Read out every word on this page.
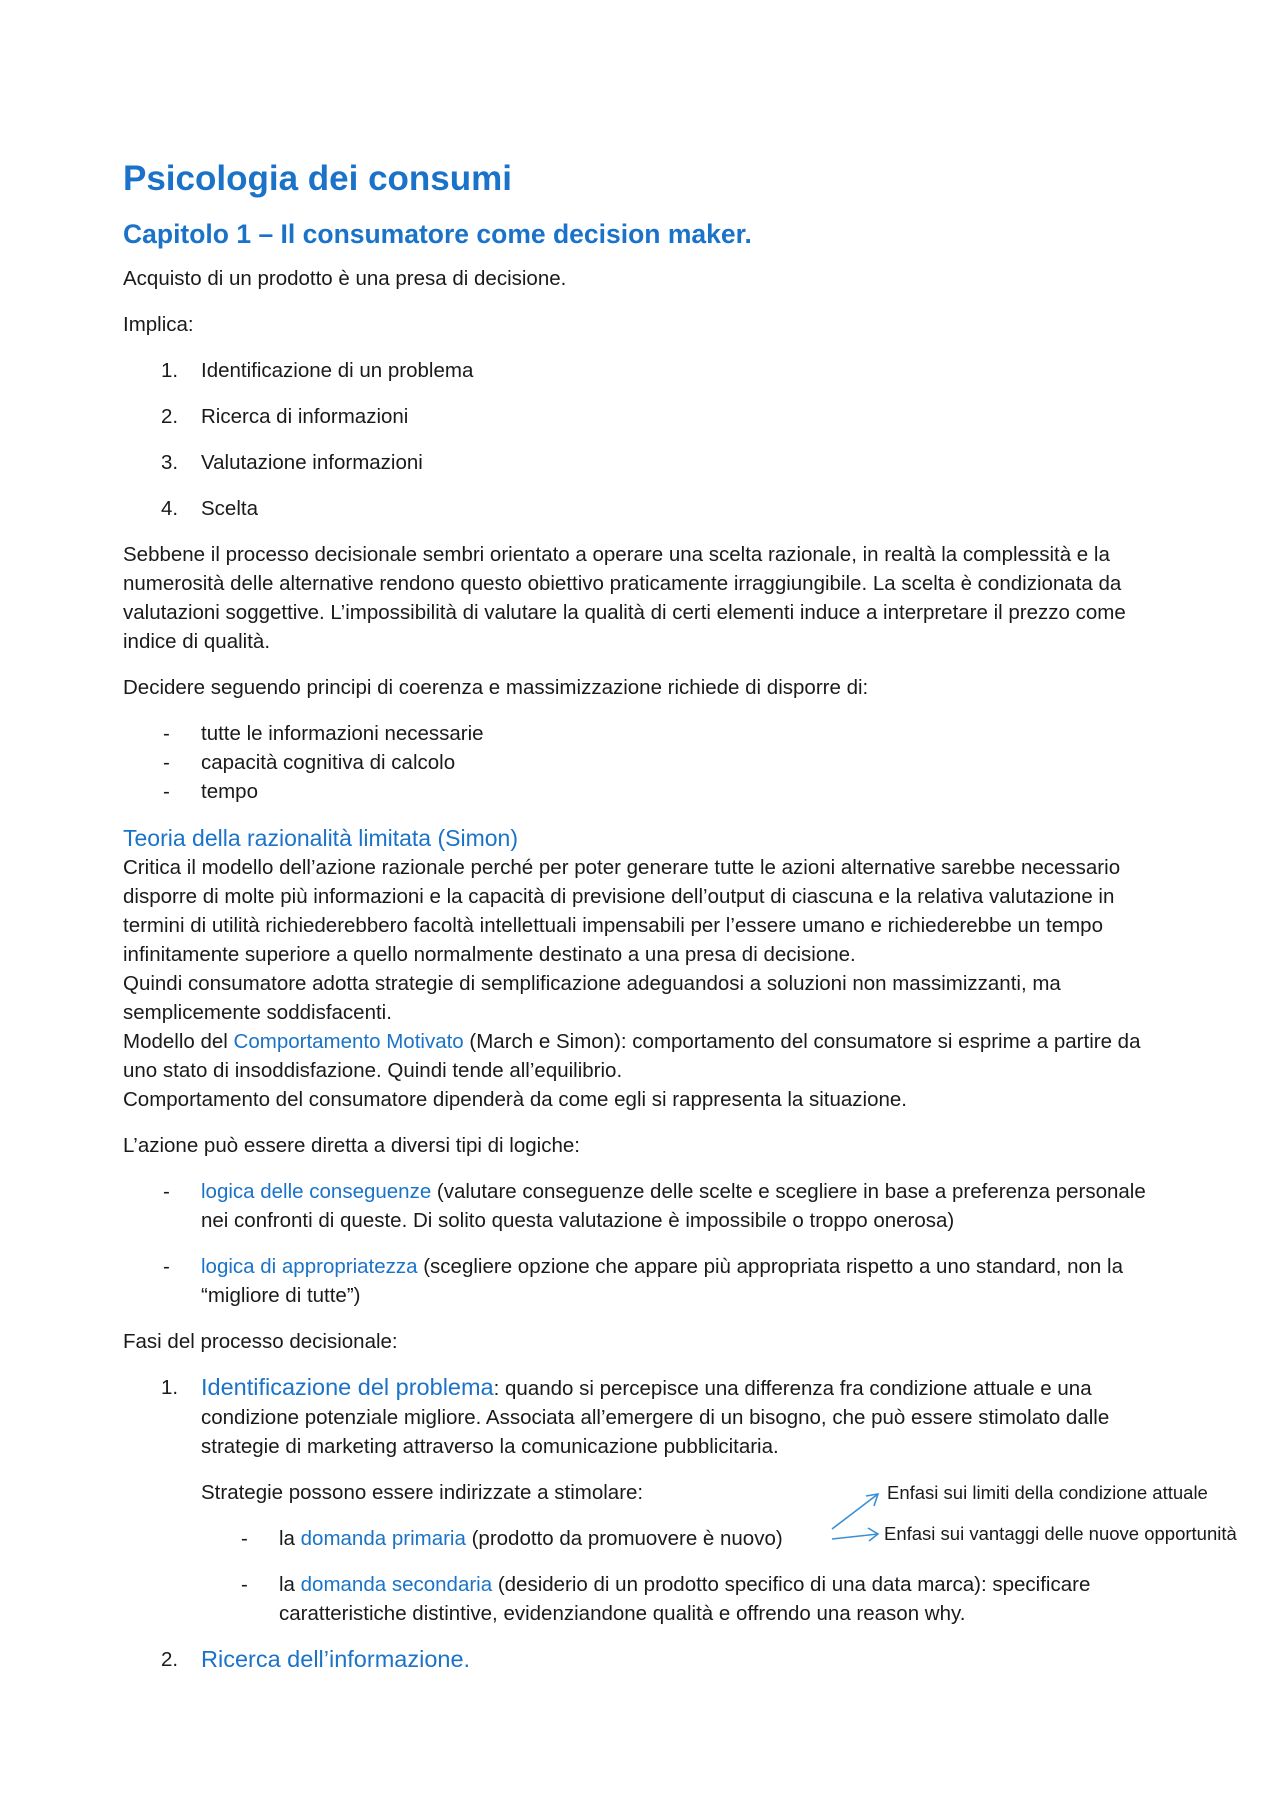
Psicologia dei consumi
Capitolo 1 – Il consumatore come decision maker.

Acquisto di un prodotto è una presa di decisione.

Implica:

1. Identificazione di un problema
2. Ricerca di informazioni
3. Valutazione informazioni
4. Scelta

Sebbene il processo decisionale sembri orientato a operare una scelta razionale, in realtà la complessità e la numerosità delle alternative rendono questo obiettivo praticamente irraggiungibile. La scelta è condizionata da valutazioni soggettive. L’impossibilità di valutare la qualità di certi elementi induce a interpretare il prezzo come indice di qualità.

Decidere seguendo principi di coerenza e massimizzazione richiede di disporre di:

- tutte le informazioni necessarie
- capacità cognitiva di calcolo
- tempo
Teoria della razionalità limitata (Simon)

Critica il modello dell’azione razionale perché per poter generare tutte le azioni alternative sarebbe necessario disporre di molte più informazioni e la capacità di previsione dell’output di ciascuna e la relativa valutazione in termini di utilità richiederebbero facoltà intellettuali impensabili per l’essere umano e richiederebbe un tempo infinitamente superiore a quello normalmente destinato a una presa di decisione.

Quindi consumatore adotta strategie di semplificazione adeguandosi a soluzioni non massimizzanti, ma semplicemente soddisfacenti.

Modello del Comportamento Motivato (March e Simon): comportamento del consumatore si esprime a partire da uno stato di insoddisfazione. Quindi tende all’equilibrio.

Comportamento del consumatore dipenderà da come egli si rappresenta la situazione.

L’azione può essere diretta a diversi tipi di logiche:

- logica delle conseguenze (valutare conseguenze delle scelte e scegliere in base a preferenza personale nei confronti di queste. Di solito questa valutazione è impossibile o troppo onerosa)
- logica di appropriatezza (scegliere opzione che appare più appropriata rispetto a uno standard, non la “migliore di tutte”)

Fasi del processo decisionale:

1. Identificazione del problema: quando si percepisce una differenza fra condizione attuale e una condizione potenziale migliore. Associata all’emergere di un bisogno, che può essere stimolato dalle strategie di marketing attraverso la comunicazione pubblicitaria.
Strategie possono essere indirizzate a stimolare:
- la domanda primaria (prodotto da promuovere è nuovo)
- la domanda secondaria (desiderio di un prodotto specifico di una data marca): specificare caratteristiche distintive, evidenziandone qualità e offrendo una reason why.
2. Ricerca dell’informazione.
Enfasi sui limiti della condizione attuale
Enfasi sui vantaggi delle nuove opportunità
